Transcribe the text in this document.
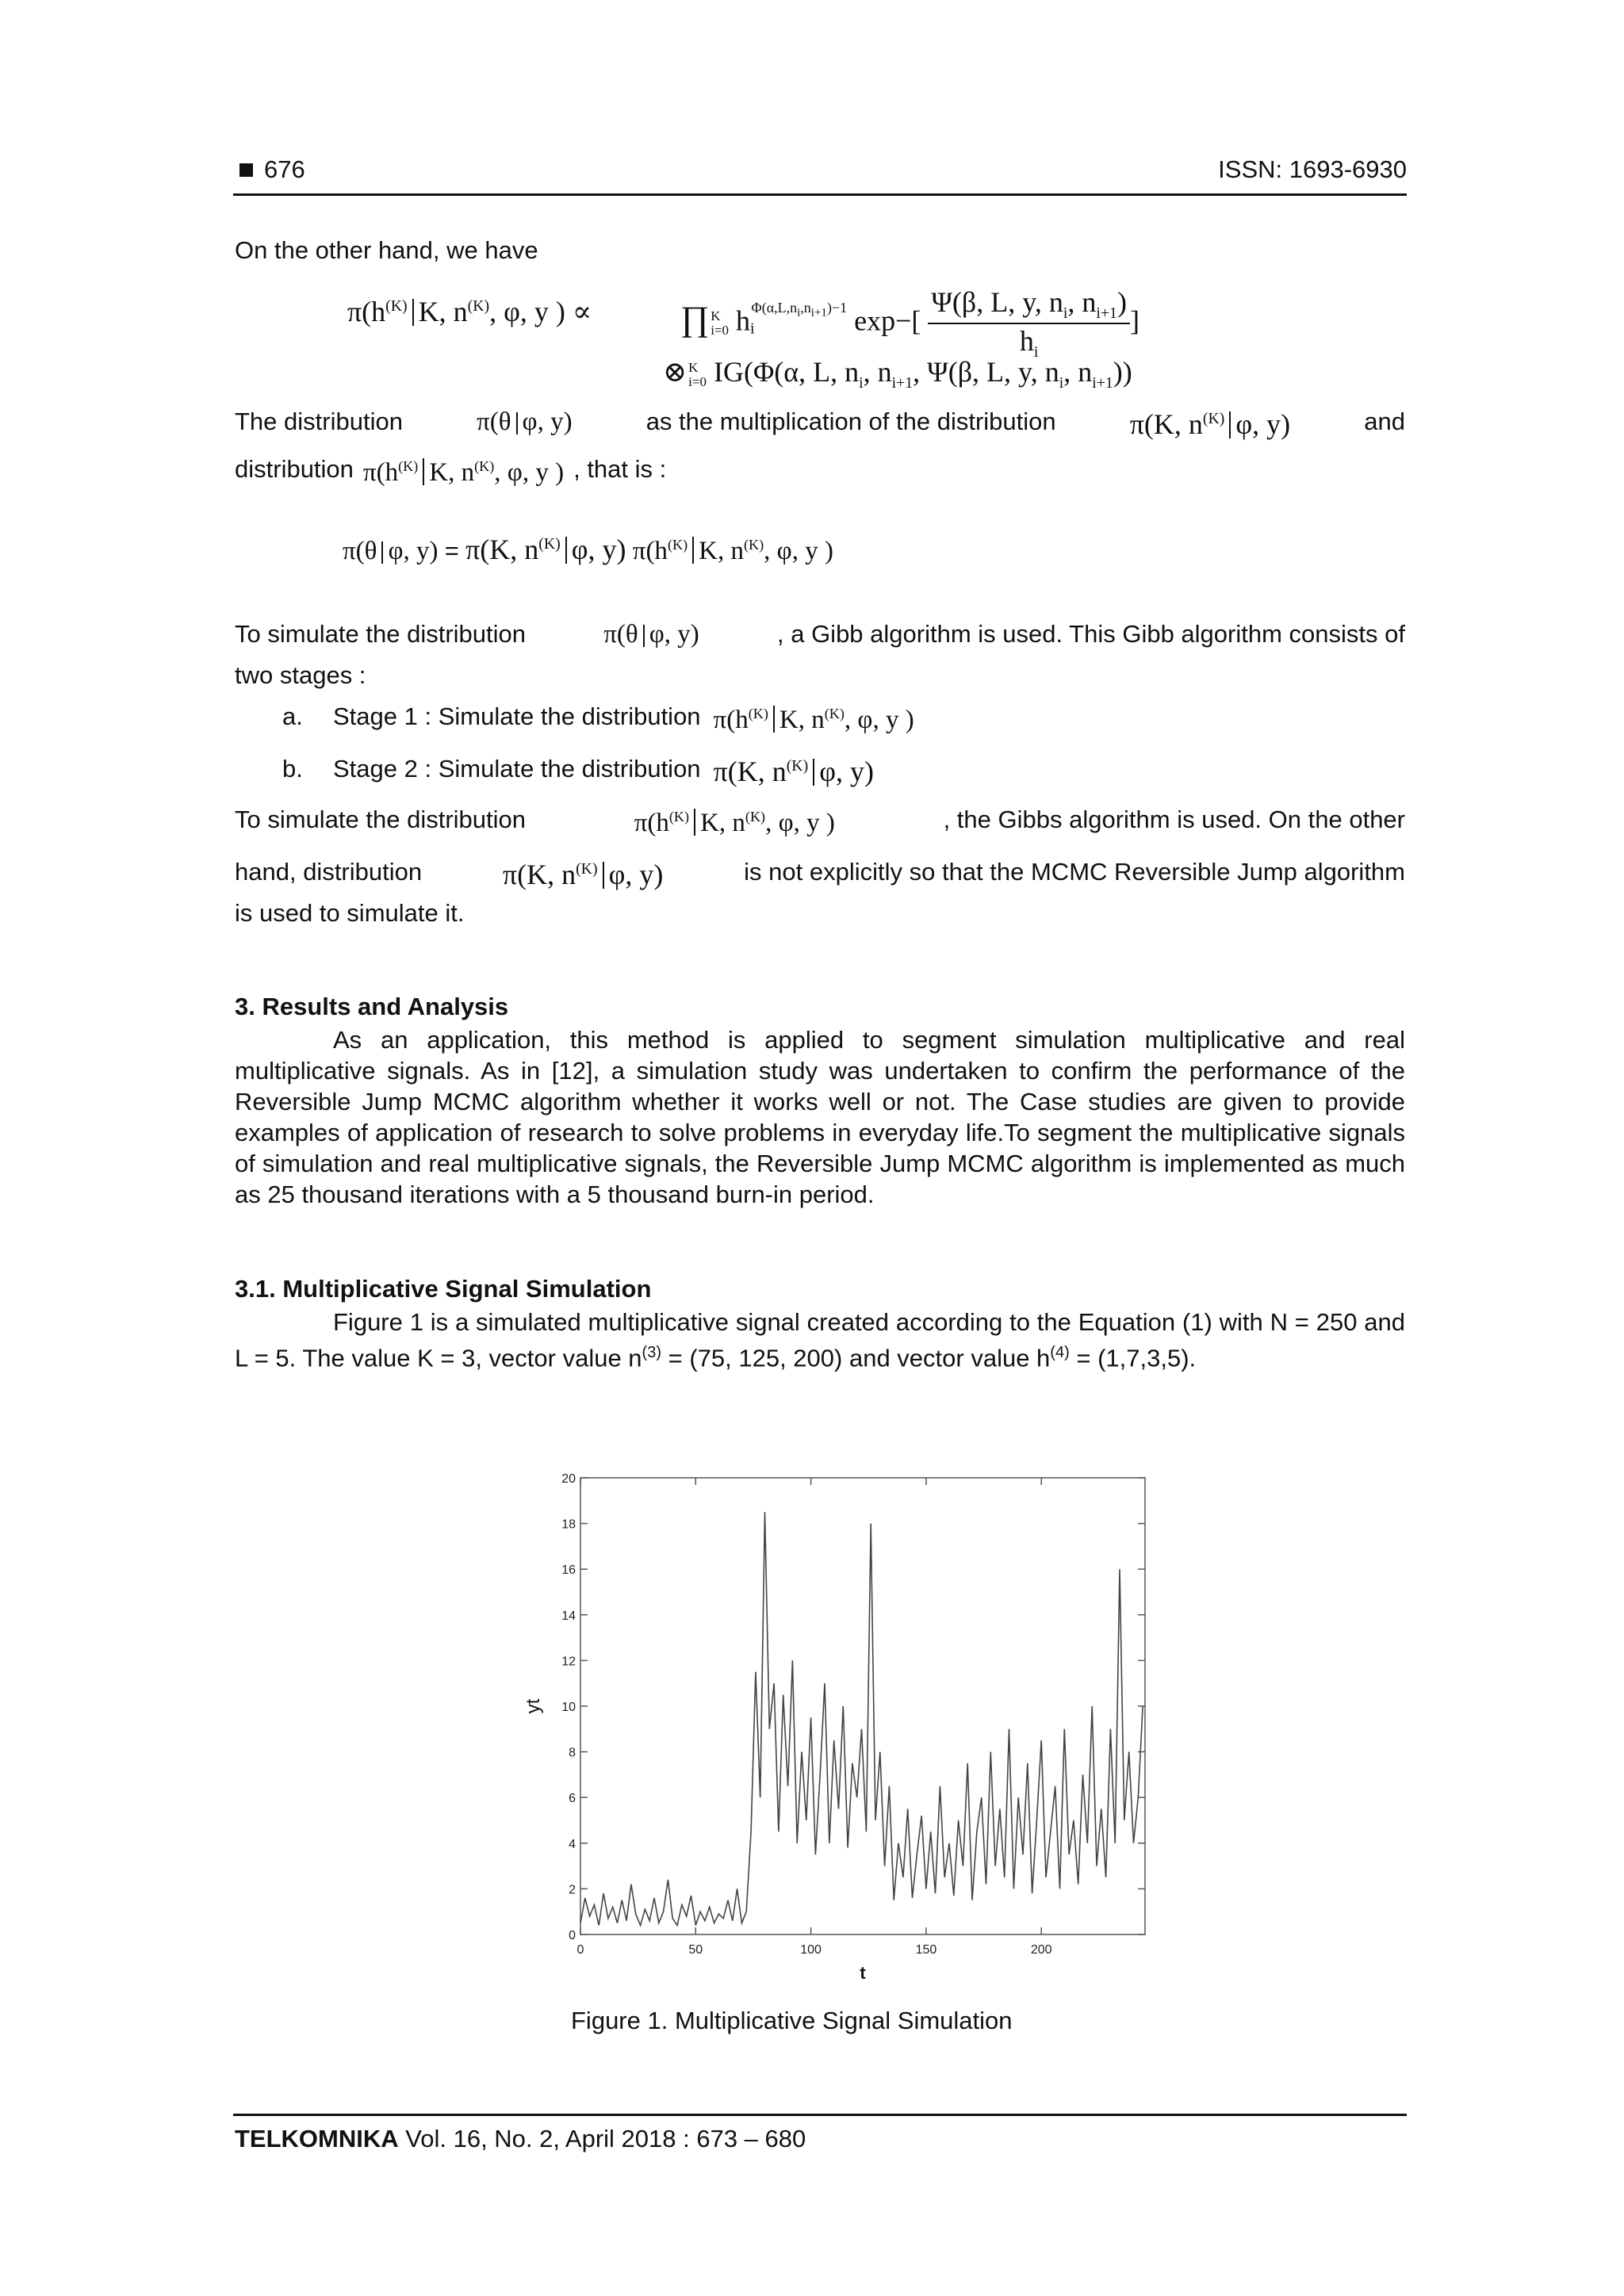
676	ISSN: 1693-6930
On the other hand, we have
$\pi(h^{(K)}$ K, $n^{(K)}$, φ, y ) ∝	∏ K
i=0 $h_i^{\Phi(\alpha,L,n_i,n_{i+1})-1}$ $\exp-[ \frac{\Psi(\beta, L, y, n_i, n_{i+1})}{h_i}$ ]
⊗ K
i=0 IG(Φ(α, L, $n_i$, $n_{i+1}$, Ψ(β, L, y, $n_i$, $n_{i+1}$))
The distribution	π(θ φ, y)	as the multiplication of the distribution	π(K, $n^{(K)}$ φ, y)	and
distribution $\pi(h^{(K)}$ K, $n^{(K)}$, φ, y ) , that is :
π(θ φ, y) = π(K, $n^{(K)}$ φ, y) $\pi(h^{(K)}$ K, $n^{(K)}$, φ, y )
To simulate the distribution	π(θ φ, y)	, a Gibb algorithm is used. This Gibb algorithm consists of
two stages :
a.	Stage 1 : Simulate the distribution $\pi(h^{(K)}$ K, $n^{(K)}$, φ, y )
b.	Stage 2 : Simulate the distribution π(K, $n^{(K)}$ φ, y)
To simulate the distribution	$\pi(h^{(K)}$ K, $n^{(K)}$, φ, y )	, the Gibbs algorithm is used. On the other
hand, distribution	π(K, $n^{(K)}$ φ, y)	is not explicitly so that the MCMC Reversible Jump algorithm
is used to simulate it.
3. Results and Analysis
As an application, this method is applied to segment simulation multiplicative and real multiplicative signals. As in [12], a simulation study was undertaken to confirm the performance of the Reversible Jump MCMC algorithm whether it works well or not. The Case studies are given to provide examples of application of research to solve problems in everyday life.To segment the multiplicative signals of simulation and real multiplicative signals, the Reversible Jump MCMC algorithm is implemented as much as 25 thousand iterations with a 5 thousand burn-in period.
3.1. Multiplicative Signal Simulation
Figure 1 is a simulated multiplicative signal created according to the Equation (1) with N = 250 and L = 5. The value K = 3, vector value $n^{(3)} = (75$, 125, 200) and vector value $h^{(4)} = (1,7,3,5)$.
0
2
4
6
8
10
12
14
16
18
20
0	50	100	150	200
t
yt
Figure 1. Multiplicative Signal Simulation
TELKOMNIKA Vol. 16, No. 2, April 2018 : 673 – 680
